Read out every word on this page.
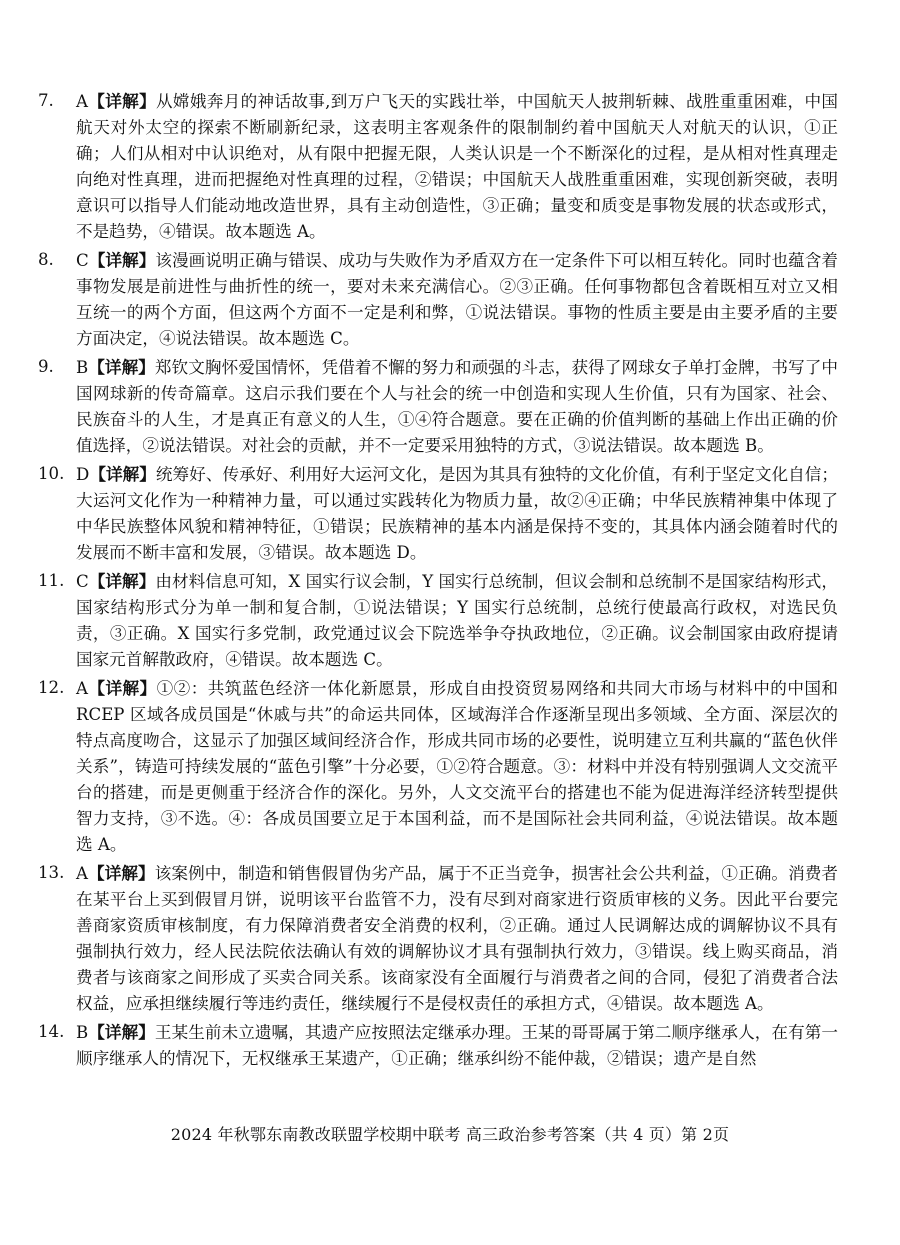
7.	A【详解】从嫦娥奔月的神话故事,到万户飞天的实践壮举，中国航天人披荆斩棘、战胜重重困难，中国航天对外太空的探索不断刷新纪录，这表明主客观条件的限制制约着中国航天人对航天的认识，①正确；人们从相对中认识绝对，从有限中把握无限，人类认识是一个不断深化的过程，是从相对性真理走向绝对性真理，进而把握绝对性真理的过程，②错误；中国航天人战胜重重困难，实现创新突破，表明意识可以指导人们能动地改造世界，具有主动创造性，③正确；量变和质变是事物发展的状态或形式，不是趋势，④错误。故本题选 A。

8.	C【详解】该漫画说明正确与错误、成功与失败作为矛盾双方在一定条件下可以相互转化。同时也蕴含着事物发展是前进性与曲折性的统一，要对未来充满信心。②③正确。任何事物都包含着既相互对立又相互统一的两个方面，但这两个方面不一定是利和弊，①说法错误。事物的性质主要是由主要矛盾的主要方面决定，④说法错误。故本题选 C。

9.	B【详解】郑钦文胸怀爱国情怀，凭借着不懈的努力和顽强的斗志，获得了网球女子单打金牌，书写了中国网球新的传奇篇章。这启示我们要在个人与社会的统一中创造和实现人生价值，只有为国家、社会、民族奋斗的人生，才是真正有意义的人生，①④符合题意。要在正确的价值判断的基础上作出正确的价值选择，②说法错误。对社会的贡献，并不一定要采用独特的方式，③说法错误。故本题选 B。

10. D【详解】统筹好、传承好、利用好大运河文化，是因为其具有独特的文化价值，有利于坚定文化自信；大运河文化作为一种精神力量，可以通过实践转化为物质力量，故②④正确；中华民族精神集中体现了中华民族整体风貌和精神特征，①错误；民族精神的基本内涵是保持不变的，其具体内涵会随着时代的发展而不断丰富和发展，③错误。故本题选 D。

11. C【详解】由材料信息可知，X 国实行议会制，Y 国实行总统制，但议会制和总统制不是国家结构形式，国家结构形式分为单一制和复合制，①说法错误；Y 国实行总统制，总统行使最高行政权，对选民负责，③正确。X 国实行多党制，政党通过议会下院选举争夺执政地位，②正确。议会制国家由政府提请国家元首解散政府，④错误。故本题选 C。

12. A【详解】①②：共筑蓝色经济一体化新愿景，形成自由投资贸易网络和共同大市场与材料中的中国和 RCEP 区域各成员国是“休戚与共”的命运共同体，区域海洋合作逐渐呈现出多领域、全方面、深层次的特点高度吻合，这显示了加强区域间经济合作，形成共同市场的必要性，说明建立互利共赢的“蓝色伙伴关系”，铸造可持续发展的“蓝色引擎”十分必要，①②符合题意。③：材料中并没有特别强调人文交流平台的搭建，而是更侧重于经济合作的深化。另外，人文交流平台的搭建也不能为促进海洋经济转型提供智力支持，③不选。④：各成员国要立足于本国利益，而不是国际社会共同利益，④说法错误。故本题选 A。

13. A【详解】该案例中，制造和销售假冒伪劣产品，属于不正当竞争，损害社会公共利益，①正确。消费者在某平台上买到假冒月饼，说明该平台监管不力，没有尽到对商家进行资质审核的义务。因此平台要完善商家资质审核制度，有力保障消费者安全消费的权利，②正确。通过人民调解达成的调解协议不具有强制执行效力，经人民法院依法确认有效的调解协议才具有强制执行效力，③错误。线上购买商品，消费者与该商家之间形成了买卖合同关系。该商家没有全面履行与消费者之间的合同，侵犯了消费者合法权益，应承担继续履行等违约责任，继续履行不是侵权责任的承担方式，④错误。故本题选 A。

14. B【详解】王某生前未立遗嘱，其遗产应按照法定继承办理。王某的哥哥属于第二顺序继承人，在有第一顺序继承人的情况下，无权继承王某遗产，①正确；继承纠纷不能仲裁，②错误；遗产是自然

2024 年秋鄂东南教改联盟学校期中联考 高三政治参考答案（共 4 页）第 2页
